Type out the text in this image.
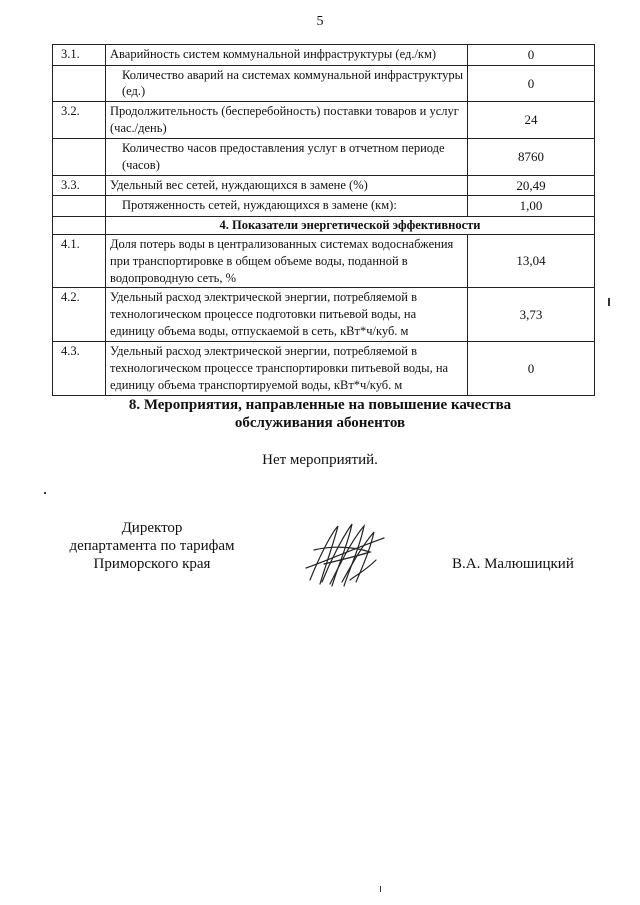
5
3.1.	Аварийность систем коммунальной инфраструктуры (ед./км)	0
	Количество аварий на системах коммунальной инфраструктуры (ед.)	0
3.2.	Продолжительность (бесперебойность) поставки товаров и услуг (час./день)	24
	Количество часов предоставления услуг в отчетном периоде (часов)	8760
3.3.	Удельный вес сетей, нуждающихся в замене (%)	20,49
	Протяженность сетей, нуждающихся в замене (км):	1,00
	4. Показатели энергетической эффективности	
4.1.	Доля потерь воды в централизованных системах водоснабжения при транспортировке в общем объеме воды, поданной в водопроводную сеть, %	13,04
4.2.	Удельный расход электрической энергии, потребляемой в технологическом процессе подготовки питьевой воды, на единицу объема воды, отпускаемой в сеть, кВт*ч/куб. м	3,73
4.3.	Удельный расход электрической энергии, потребляемой в технологическом процессе транспортировки питьевой воды, на единицу объема транспортируемой воды, кВт*ч/куб. м	0
8. Мероприятия, направленные на повышение качества
обслуживания абонентов
Нет мероприятий.
Директор
департамента по тарифам
Приморского края	В.А. Малюшицкий
